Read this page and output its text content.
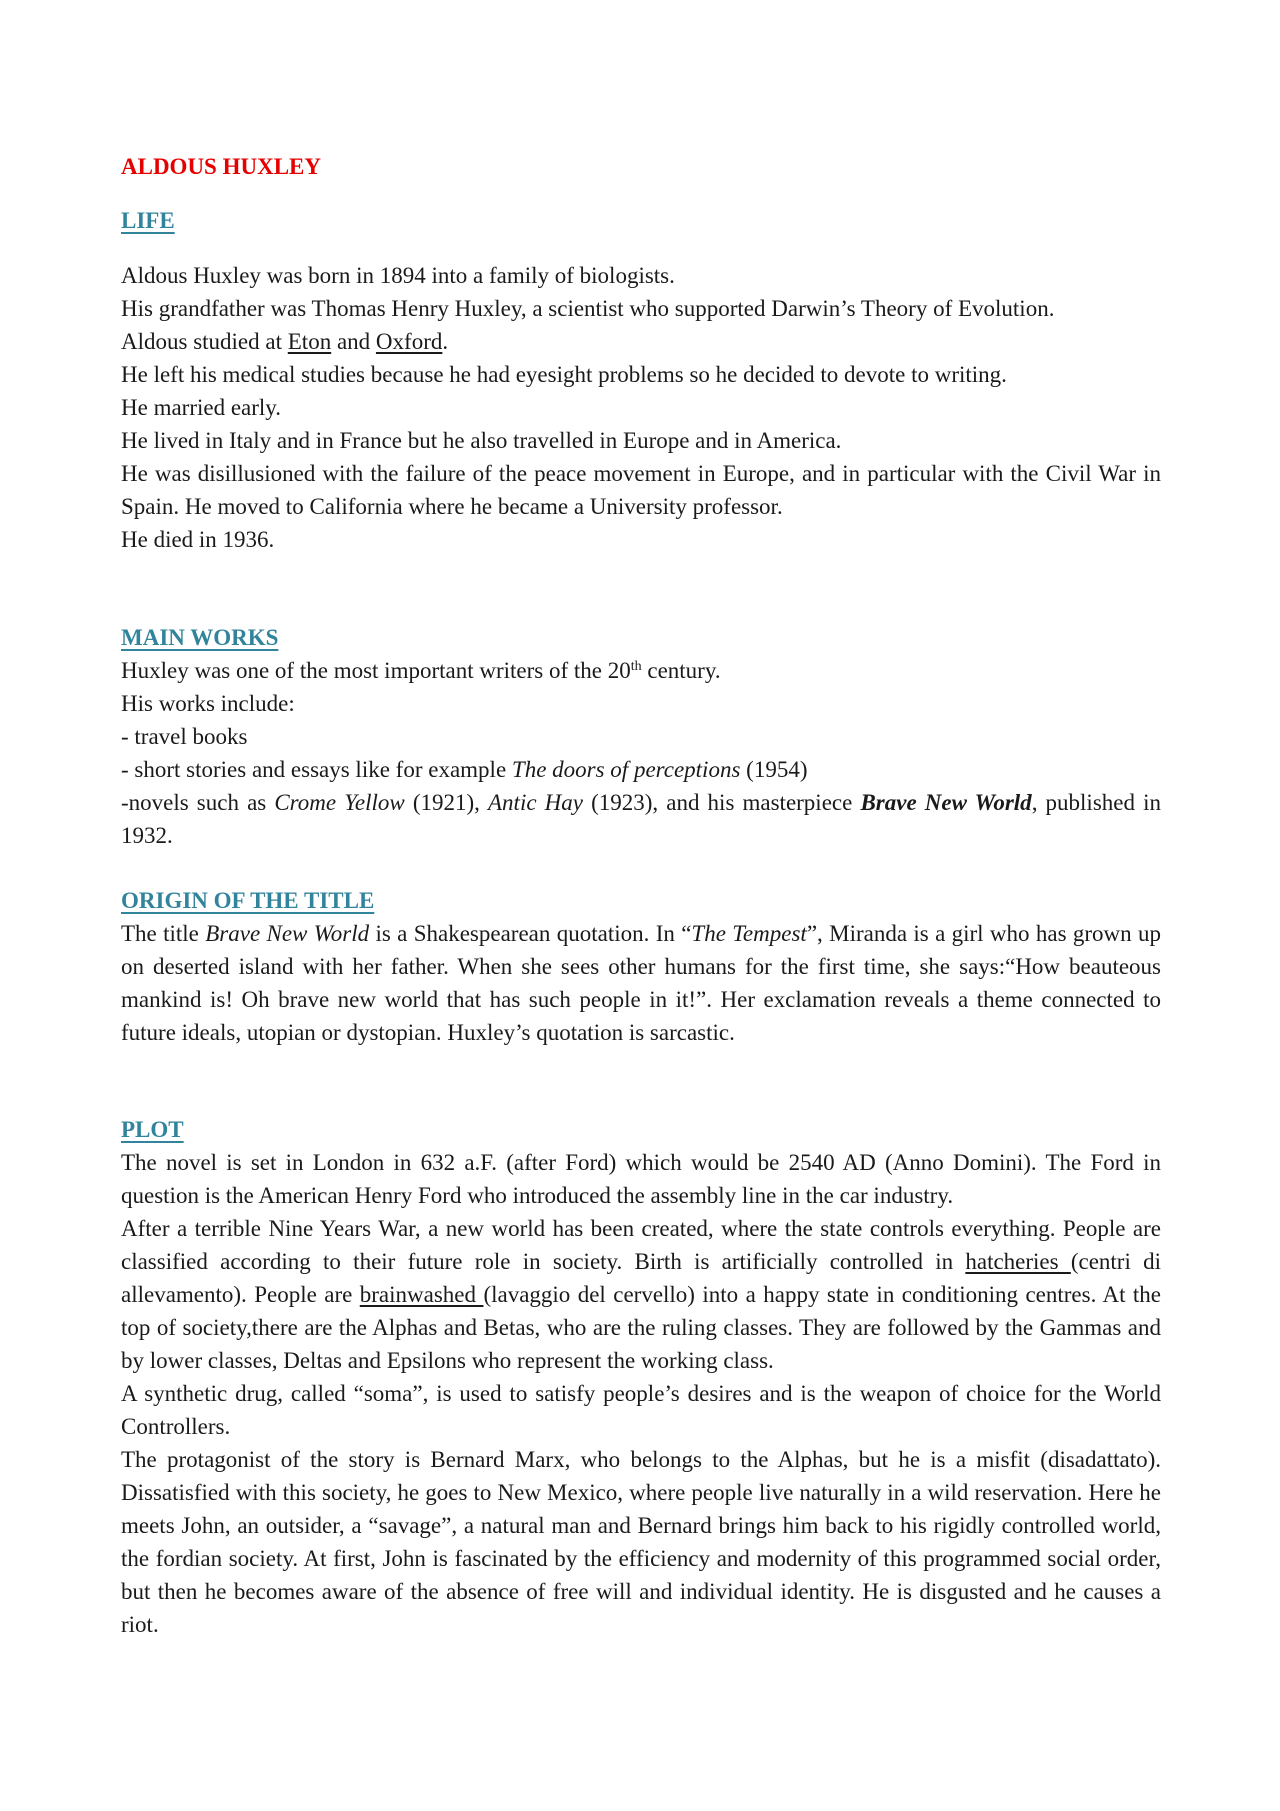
ALDOUS HUXLEY
LIFE

Aldous Huxley was born in 1894 into a family of biologists.

His grandfather was Thomas Henry Huxley, a scientist who supported Darwin’s Theory of Evolution.

Aldous studied at Eton and Oxford.

He left his medical studies because he had eyesight problems so he decided to devote to writing.

He married early.

He lived in Italy and in France but he also travelled in Europe and in America.

He was disillusioned with the failure of the peace movement in Europe, and in particular with the Civil War in Spain. He moved to California where he became a University professor.

He died in 1936.

MAIN WORKS

Huxley was one of the most important writers of the 20th century.

His works include:

- travel books

- short stories and essays like for example The doors of perceptions (1954)

-novels such as Crome Yellow (1921), Antic Hay (1923), and his masterpiece Brave New World, published in 1932.

ORIGIN OF THE TITLE

The title Brave New World is a Shakespearean quotation. In “The Tempest”, Miranda is a girl who has grown up on deserted island with her father. When she sees other humans for the first time, she says:“How beauteous mankind is! Oh brave new world that has such people in it!”. Her exclamation reveals a theme connected to future ideals, utopian or dystopian. Huxley’s quotation is sarcastic.

PLOT

The novel is set in London in 632 a.F. (after Ford) which would be 2540 AD (Anno Domini). The Ford in question is the American Henry Ford who introduced the assembly line in the car industry.

After a terrible Nine Years War, a new world has been created, where the state controls everything. People are classified according to their future role in society. Birth is artificially controlled in hatcheries (centri di allevamento). People are brainwashed (lavaggio del cervello) into a happy state in conditioning centres. At the top of society,there are the Alphas and Betas, who are the ruling classes. They are followed by the Gammas and by lower classes, Deltas and Epsilons who represent the working class.

A synthetic drug, called “soma”, is used to satisfy people’s desires and is the weapon of choice for the World Controllers.

The protagonist of the story is Bernard Marx, who belongs to the Alphas, but he is a misfit (disadattato). Dissatisfied with this society, he goes to New Mexico, where people live naturally in a wild reservation. Here he meets John, an outsider, a “savage”, a natural man and Bernard brings him back to his rigidly controlled world, the fordian society. At first, John is fascinated by the efficiency and modernity of this programmed social order, but then he becomes aware of the absence of free will and individual identity. He is disgusted and he causes a riot.
